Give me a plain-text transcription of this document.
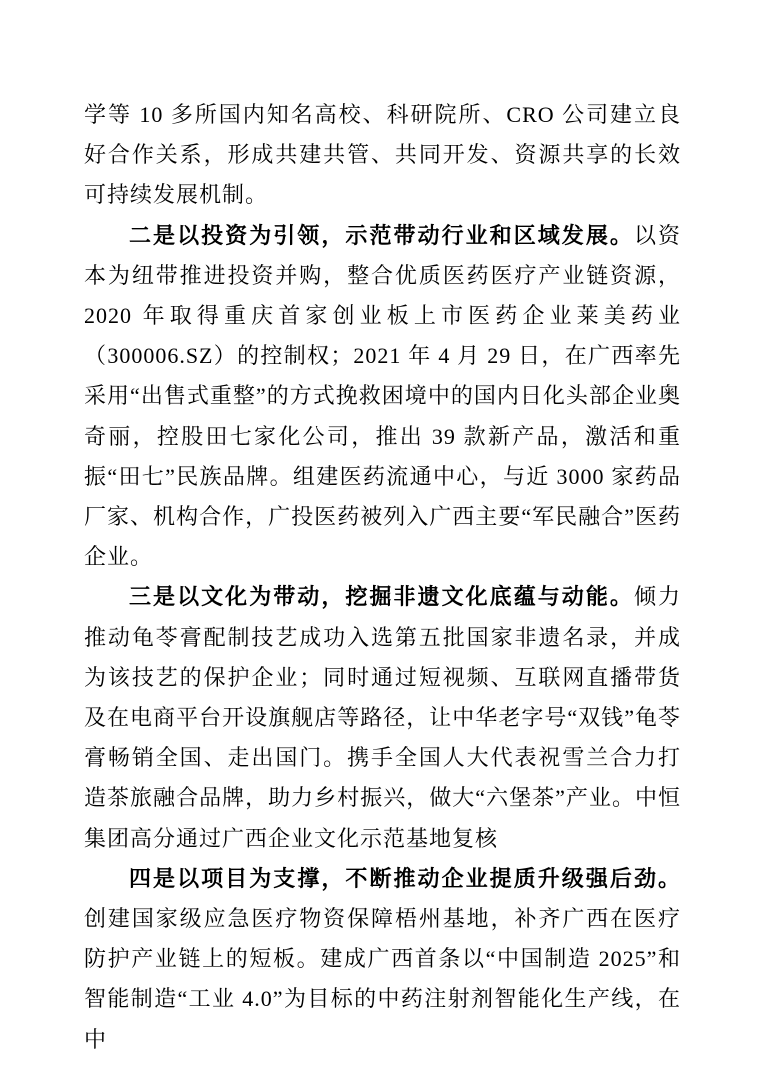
学等 10 多所国内知名高校、科研院所、CRO 公司建立良好合作关系，形成共建共管、共同开发、资源共享的长效可持续发展机制。

二是以投资为引领，示范带动行业和区域发展。以资本为纽带推进投资并购，整合优质医药医疗产业链资源，2020 年取得重庆首家创业板上市医药企业莱美药业（300006.SZ）的控制权；2021 年 4 月 29 日，在广西率先采用“出售式重整”的方式挽救困境中的国内日化头部企业奥奇丽，控股田七家化公司，推出 39 款新产品，激活和重振“田七”民族品牌。组建医药流通中心，与近 3000 家药品厂家、机构合作，广投医药被列入广西主要“军民融合”医药企业。

三是以文化为带动，挖掘非遗文化底蕴与动能。倾力推动龟苓膏配制技艺成功入选第五批国家非遗名录，并成为该技艺的保护企业；同时通过短视频、互联网直播带货及在电商平台开设旗舰店等路径，让中华老字号“双钱”龟苓膏畅销全国、走出国门。携手全国人大代表祝雪兰合力打造茶旅融合品牌，助力乡村振兴，做大“六堡茶”产业。中恒集团高分通过广西企业文化示范基地复核

四是以项目为支撑，不断推动企业提质升级强后劲。创建国家级应急医疗物资保障梧州基地，补齐广西在医疗防护产业链上的短板。建成广西首条以“中国制造 2025”和智能制造“工业 4.0”为目标的中药注射剂智能化生产线，在中
